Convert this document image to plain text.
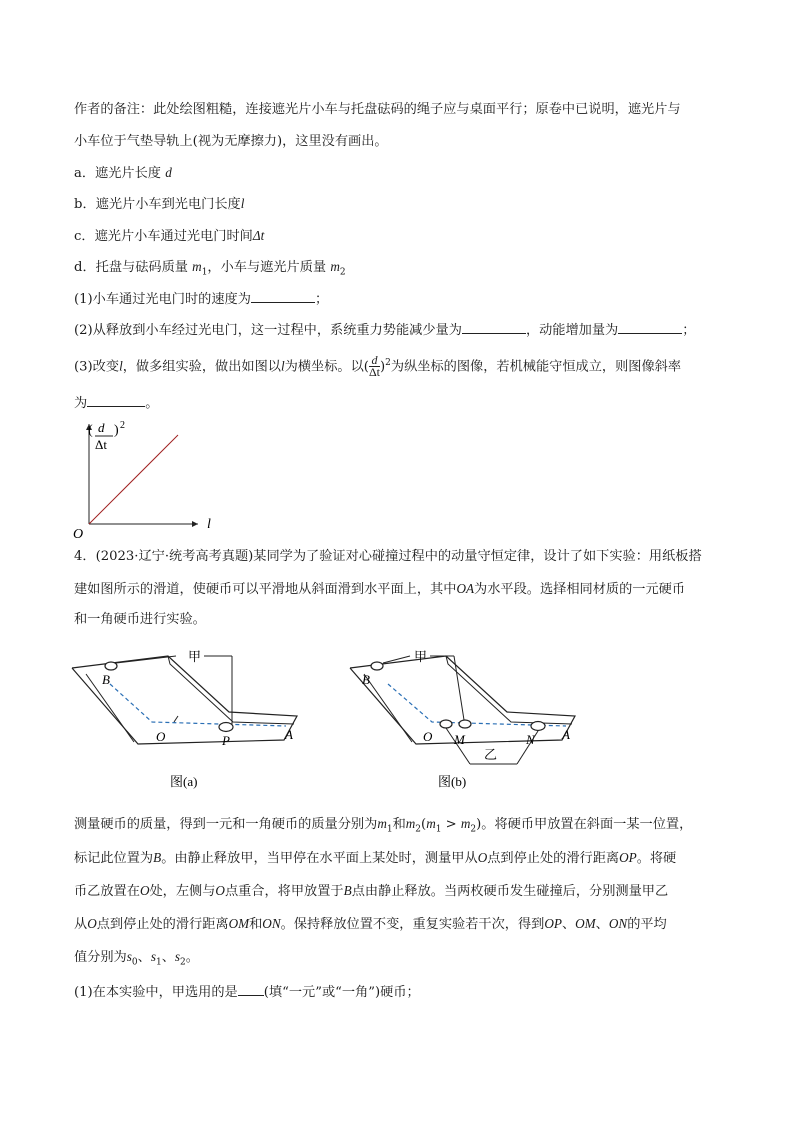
作者的备注：此处绘图粗糙，连接遮光片小车与托盘砝码的绳子应与桌面平行；原卷中已说明，遮光片与
小车位于气垫导轨上(视为无摩擦力)，这里没有画出。
a．遮光片长度 d
b．遮光片小车到光电门长度l
c．遮光片小车通过光电门时间Δt
d．托盘与砝码质量 $m_1$，小车与遮光片质量 $m_2$
(1)小车通过光电门时的速度为	；
(2)从释放到小车经过光电门，这一过程中，系统重力势能减少量为	，动能增加量为	；
(3)改变l，做多组实验，做出如图以l为横坐标。以( $\frac{d}{\Delta t} )^2$为纵坐标的图像，若机械能守恒成立，则图像斜率
为	。
( d
Δt
) 2
O
l
4．(2023·辽宁·统考高考真题)某同学为了验证对心碰撞过程中的动量守恒定律，设计了如下实验：用纸板搭
建如图所示的滑道，使硬币可以平滑地从斜面滑到水平面上，其中OA为水平段。选择相同材质的一元硬币
和一角硬币进行实验。
甲
B
O	P	A
图(a)
甲
乙
B
O M	N A
图(b)
测量硬币的质量，得到一元和一角硬币的质量分别为$m_1$和$m_2(m_1 > m_2)$。将硬币甲放置在斜面一某一位置，
标记此位置为B。由静止释放甲，当甲停在水平面上某处时，测量甲从O点到停止处的滑行距离OP。将硬
币乙放置在O处，左侧与O点重合，将甲放置于B点由静止释放。当两枚硬币发生碰撞后，分别测量甲乙
从O点到停止处的滑行距离OM和ON。保持释放位置不变，重复实验若干次，得到OP、OM、ON的平均
值分别为$s_0$、$s_1$、$s_2$。
(1)在本实验中，甲选用的是 (填“一元”或“一角”)硬币；
